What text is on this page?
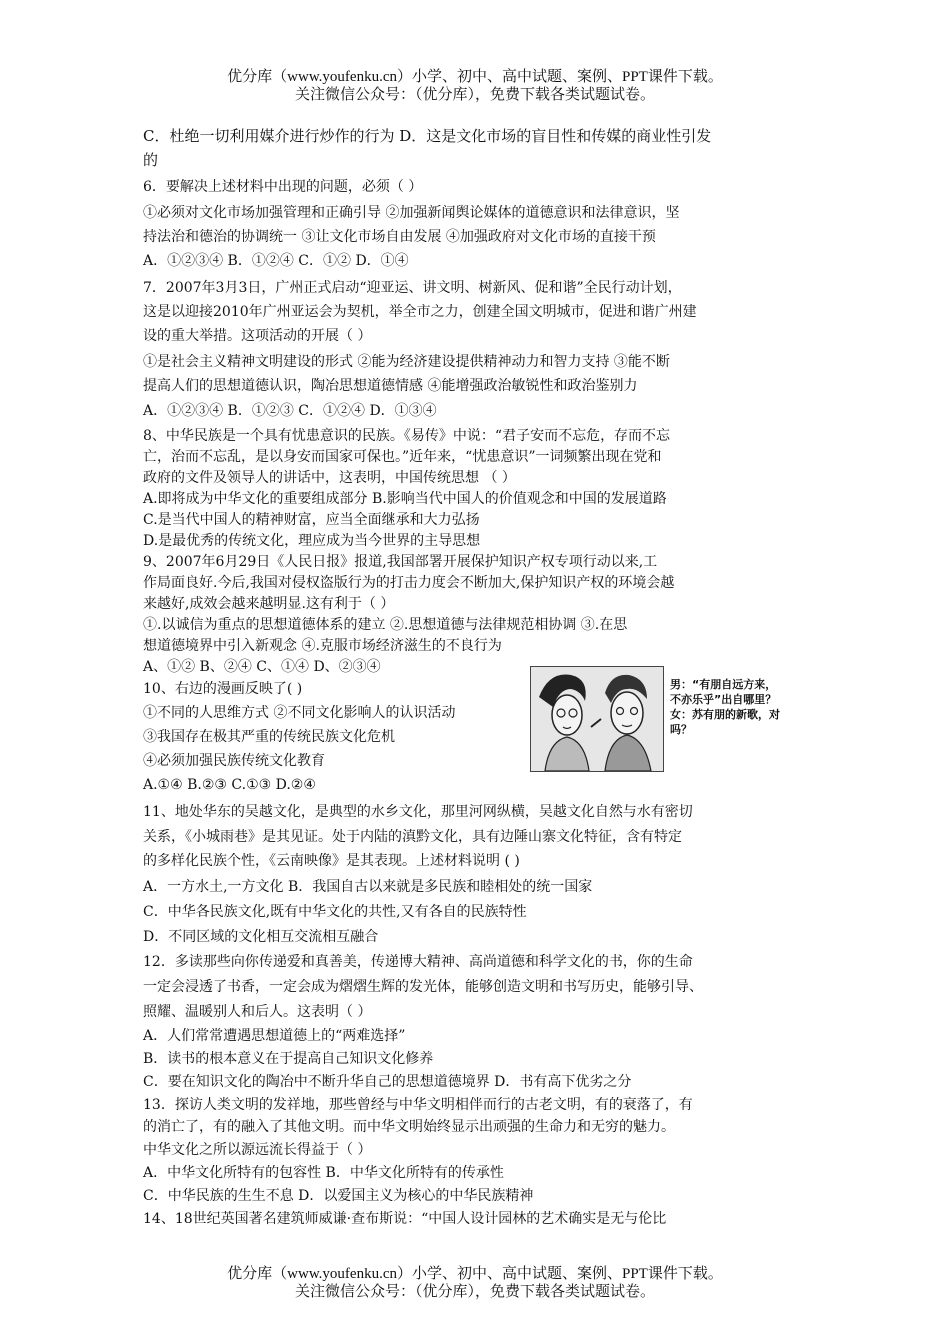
优分库（www.youfenku.cn）小学、初中、高中试题、案例、PPT课件下载。
关注微信公众号：（优分库），免费下载各类试题试卷。
C．杜绝一切利用媒介进行炒作的行为 D．这是文化市场的盲目性和传媒的商业性引发
的
6．要解决上述材料中出现的问题，必须（ ）
①必须对文化市场加强管理和正确引导 ②加强新闻舆论媒体的道德意识和法律意识，坚
持法治和德治的协调统一 ③让文化市场自由发展 ④加强政府对文化市场的直接干预
A．①②③④ B．①②④ C．①② D．①④
7．2007年3月3日，广州正式启动“迎亚运、讲文明、树新风、促和谐”全民行动计划，
这是以迎接2010年广州亚运会为契机，举全市之力，创建全国文明城市，促进和谐广州建
设的重大举措。这项活动的开展（ ）
①是社会主义精神文明建设的形式 ②能为经济建设提供精神动力和智力支持 ③能不断
提高人们的思想道德认识，陶冶思想道德情感 ④能增强政治敏锐性和政治鉴别力
A．①②③④ B．①②③ C．①②④ D．①③④
8、中华民族是一个具有忧患意识的民族。《易传》中说：“君子安而不忘危，存而不忘
亡，治而不忘乱，是以身安而国家可保也。”近年来，“忧患意识”一词频繁出现在党和
政府的文件及领导人的讲话中，这表明，中国传统思想 （ ）
A.即将成为中华文化的重要组成部分 B.影响当代中国人的价值观念和中国的发展道路
C.是当代中国人的精神财富，应当全面继承和大力弘扬
D.是最优秀的传统文化，理应成为当今世界的主导思想
9、2007年6月29日《人民日报》报道,我国部署开展保护知识产权专项行动以来,工
作局面良好.今后,我国对侵权盗版行为的打击力度会不断加大,保护知识产权的环境会越
来越好,成效会越来越明显.这有利于（ ）
①.以诚信为重点的思想道德体系的建立 ②.思想道德与法律规范相协调 ③.在思
想道德境界中引入新观念 ④.克服市场经济滋生的不良行为
A、①② B、②④ C、①④ D、②③④
10、右边的漫画反映了( )
①不同的人思维方式 ②不同文化影响人的认识活动
③我国存在极其严重的传统民族文化危机
④必须加强民族传统文化教育
A.①④ B.②③ C.①③ D.②④
男：“有朋自远方来，
不亦乐乎”出自哪里？
女：苏有朋的新歌，对
吗？
11、地处华东的吴越文化，是典型的水乡文化，那里河网纵横，吴越文化自然与水有密切
关系，《小城雨巷》是其见证。处于内陆的滇黔文化，具有边陲山寨文化特征，含有特定
的多样化民族个性，《云南映像》是其表现。上述材料说明 ( )
A．一方水土,一方文化 B．我国自古以来就是多民族和睦相处的统一国家
C．中华各民族文化,既有中华文化的共性,又有各自的民族特性
D．不同区域的文化相互交流相互融合
12．多读那些向你传递爱和真善美，传递博大精神、高尚道德和科学文化的书，你的生命
一定会浸透了书香，一定会成为熠熠生辉的发光体，能够创造文明和书写历史，能够引导、
照耀、温暖别人和后人。这表明（ ）
A．人们常常遭遇思想道德上的“两难选择”
B．读书的根本意义在于提高自己知识文化修养
C．要在知识文化的陶冶中不断升华自己的思想道德境界 D．书有高下优劣之分
13．探访人类文明的发祥地，那些曾经与中华文明相伴而行的古老文明，有的衰落了，有
的消亡了，有的融入了其他文明。而中华文明始终显示出顽强的生命力和无穷的魅力。
中华文化之所以源远流长得益于（ ）
A．中华文化所特有的包容性 B．中华文化所特有的传承性
C．中华民族的生生不息 D．以爱国主义为核心的中华民族精神
14、18世纪英国著名建筑师威谦·查布斯说：“中国人设计园林的艺术确实是无与伦比
优分库（www.youfenku.cn）小学、初中、高中试题、案例、PPT课件下载。
关注微信公众号：（优分库），免费下载各类试题试卷。
